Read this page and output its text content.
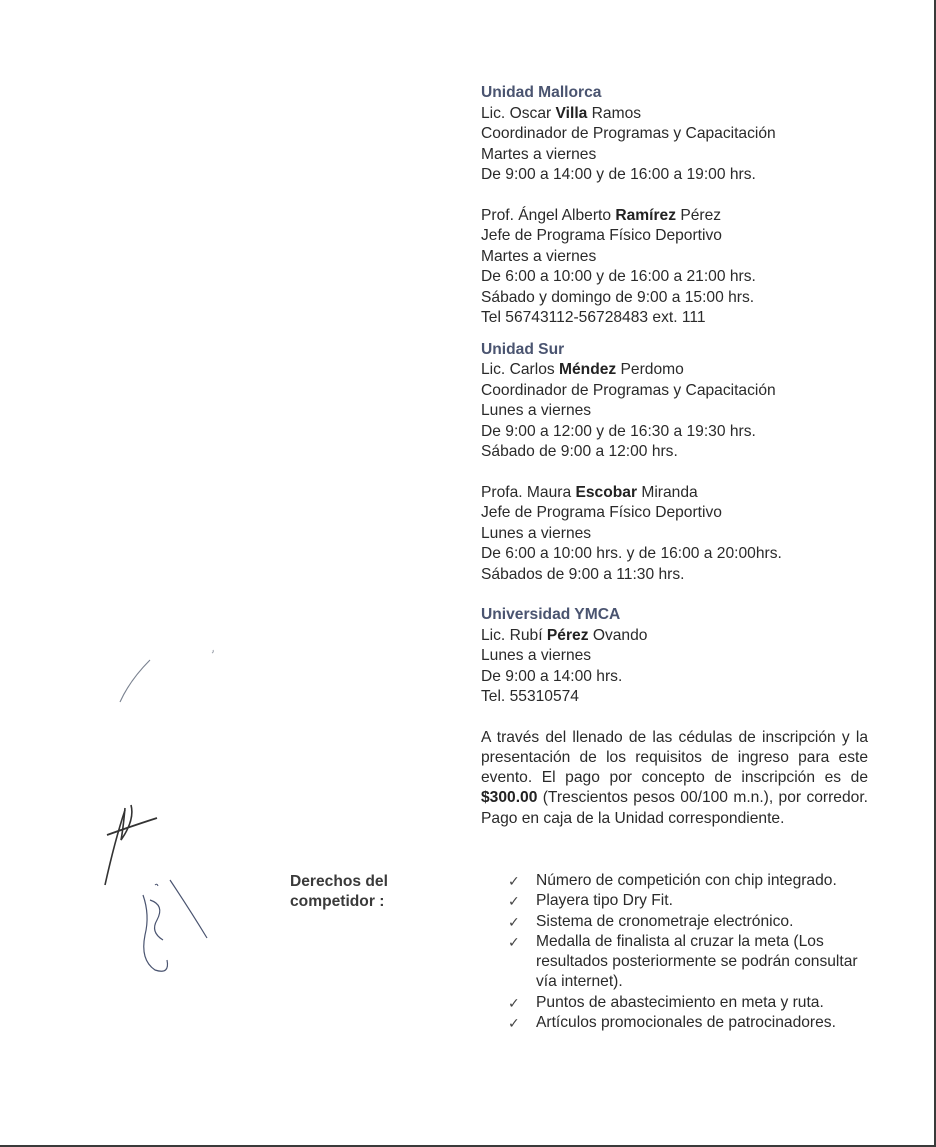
Unidad Mallorca
Lic. Oscar Villa Ramos
Coordinador de Programas y Capacitación
Martes a viernes
De 9:00 a 14:00 y de 16:00 a 19:00 hrs.
Prof. Ángel Alberto Ramírez Pérez
Jefe de Programa Físico Deportivo
Martes a viernes
De 6:00 a 10:00 y de 16:00 a 21:00 hrs.
Sábado y domingo de 9:00 a 15:00 hrs.
Tel 56743112-56728483 ext. 111
Unidad Sur
Lic. Carlos Méndez Perdomo
Coordinador de Programas y Capacitación
Lunes a viernes
De 9:00 a 12:00 y de 16:30 a 19:30 hrs.
Sábado de 9:00 a 12:00 hrs.
Profa. Maura Escobar Miranda
Jefe de Programa Físico Deportivo
Lunes a viernes
De 6:00 a 10:00 hrs. y de 16:00 a 20:00hrs.
Sábados de 9:00 a 11:30 hrs.
Universidad YMCA
Lic. Rubí Pérez Ovando
Lunes a viernes
De 9:00 a 14:00 hrs.
Tel. 55310574
A través del llenado de las cédulas de inscripción y la presentación de los requisitos de ingreso para este evento. El pago por concepto de inscripción es de $300.00 (Trescientos pesos 00/100 m.n.), por corredor. Pago en caja de la Unidad correspondiente.
Derechos del
competidor :
✓	Número de competición con chip integrado.
✓	Playera tipo Dry Fit.
✓	Sistema de cronometraje electrónico.
✓	Medalla de finalista al cruzar la meta (Los resultados posteriormente se podrán consultar vía internet).
✓	Puntos de abastecimiento en meta y ruta.
✓	Artículos promocionales de patrocinadores.
